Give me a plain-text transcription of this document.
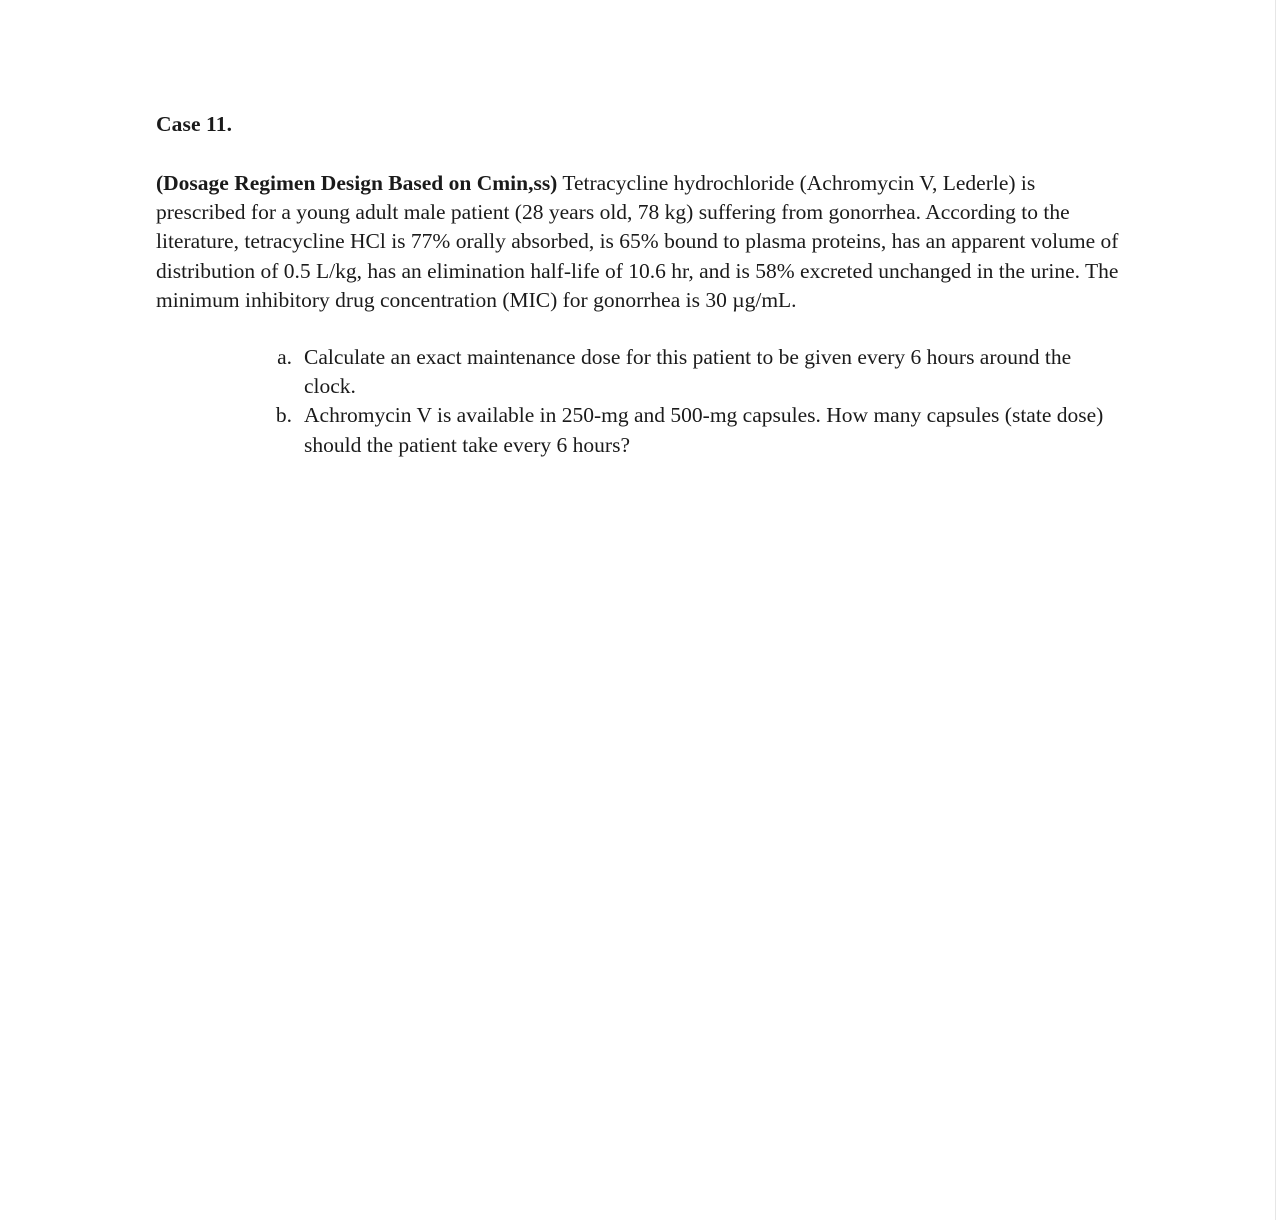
Case 11.

(Dosage Regimen Design Based on Cmin,ss) Tetracycline hydrochloride (Achromycin V, Lederle) is prescribed for a young adult male patient (28 years old, 78 kg) suffering from gonorrhea. According to the literature, tetracycline HCl is 77% orally absorbed, is 65% bound to plasma proteins, has an apparent volume of distribution of 0.5 L/kg, has an elimination half-life of 10.6 hr, and is 58% excreted unchanged in the urine. The minimum inhibitory drug concentration (MIC) for gonorrhea is 30 µg/mL.

a. Calculate an exact maintenance dose for this patient to be given every 6 hours around the clock.
b. Achromycin V is available in 250-mg and 500-mg capsules. How many capsules (state dose) should the patient take every 6 hours?
